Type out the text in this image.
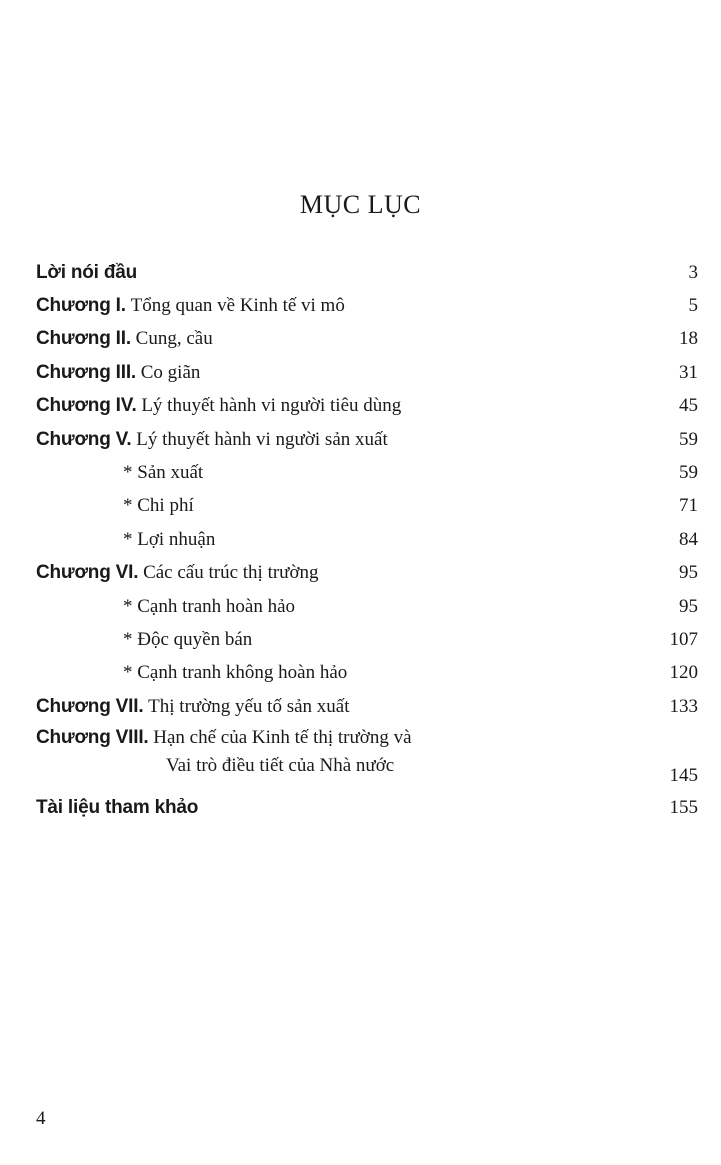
MỤC LỤC
Lời nói đầu	3
Chương I. Tổng quan về Kinh tế vi mô	5
Chương II. Cung, cầu	18
Chương III. Co giãn	31
Chương IV. Lý thuyết hành vi người tiêu dùng	45
Chương V. Lý thuyết hành vi người sản xuất	59
* Sản xuất	59
* Chi phí	71
* Lợi nhuận	84
Chương VI. Các cấu trúc thị trường	95
* Cạnh tranh hoàn hảo	95
* Độc quyền bán	107
* Cạnh tranh không hoàn hảo	120
Chương VII. Thị trường yếu tố sản xuất	133
Chương VIII. Hạn chế của Kinh tế thị trường và
Vai trò điều tiết của Nhà nước	145
Tài liệu tham khảo	155
4
